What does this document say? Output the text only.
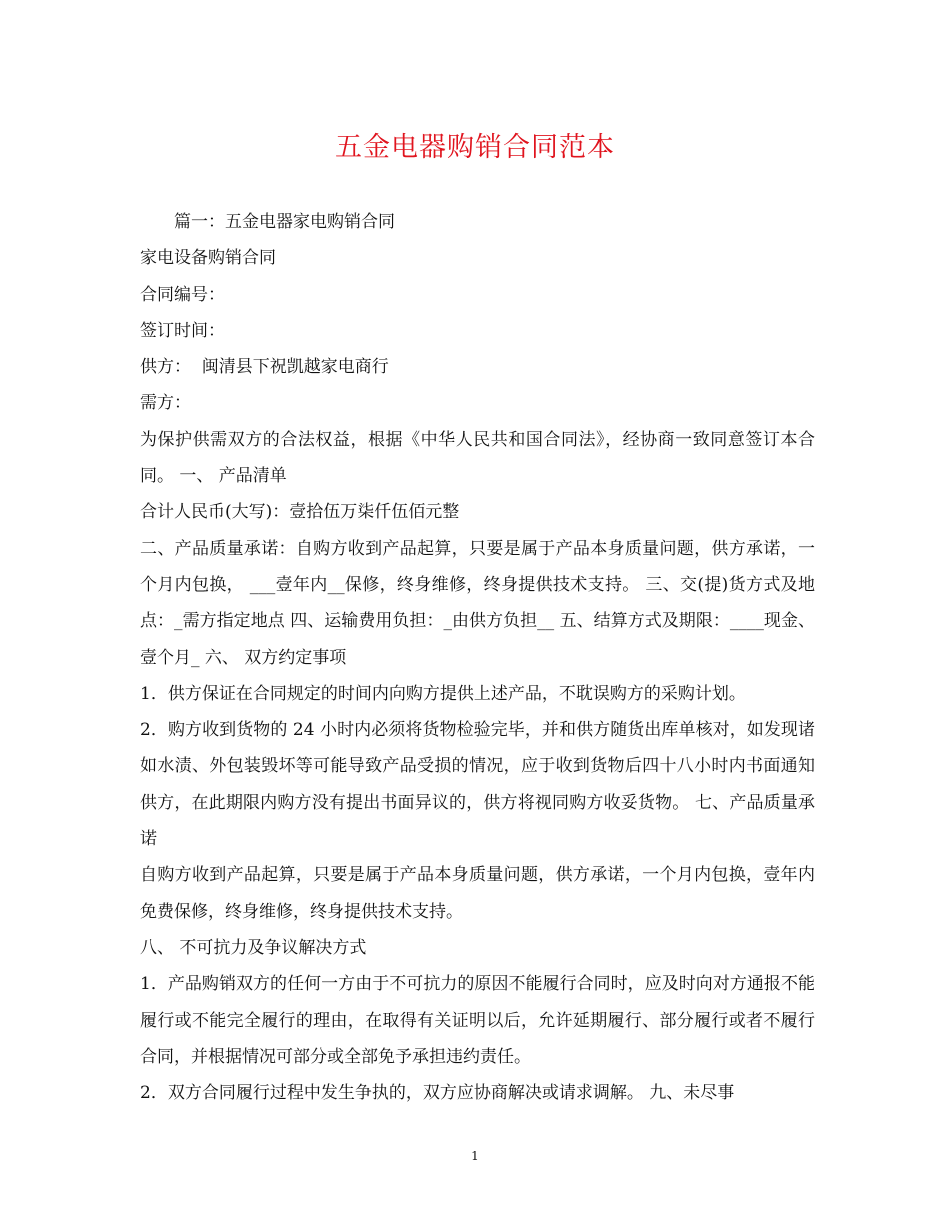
五金电器购销合同范本

篇一：五金电器家电购销合同

家电设备购销合同

合同编号：

签订时间：

供方：  闽清县下祝凯越家电商行

需方：

为保护供需双方的合法权益，根据《中华人民共和国合同法》，经协商一致同意签订本合同。 一、 产品清单

合计人民币(大写)：壹拾伍万柒仟伍佰元整

二、产品质量承诺：自购方收到产品起算，只要是属于产品本身质量问题，供方承诺，一个月内包换， ___壹年内__保修，终身维修，终身提供技术支持。 三、交(提)货方式及地点：_需方指定地点 四、运输费用负担：_由供方负担__ 五、结算方式及期限：____现金、壹个月_ 六、 双方约定事项

1．供方保证在合同规定的时间内向购方提供上述产品，不耽误购方的采购计划。

2．购方收到货物的 24 小时内必须将货物检验完毕，并和供方随货出库单核对，如发现诸如水渍、外包装毁坏等可能导致产品受损的情况，应于收到货物后四十八小时内书面通知供方，在此期限内购方没有提出书面异议的，供方将视同购方收妥货物。 七、产品质量承诺

自购方收到产品起算，只要是属于产品本身质量问题，供方承诺，一个月内包换，壹年内免费保修，终身维修，终身提供技术支持。

八、 不可抗力及争议解决方式

1．产品购销双方的任何一方由于不可抗力的原因不能履行合同时，应及时向对方通报不能履行或不能完全履行的理由，在取得有关证明以后，允许延期履行、部分履行或者不履行合同，并根据情况可部分或全部免予承担违约责任。

2．双方合同履行过程中发生争执的，双方应协商解决或请求调解。 九、未尽事

1
